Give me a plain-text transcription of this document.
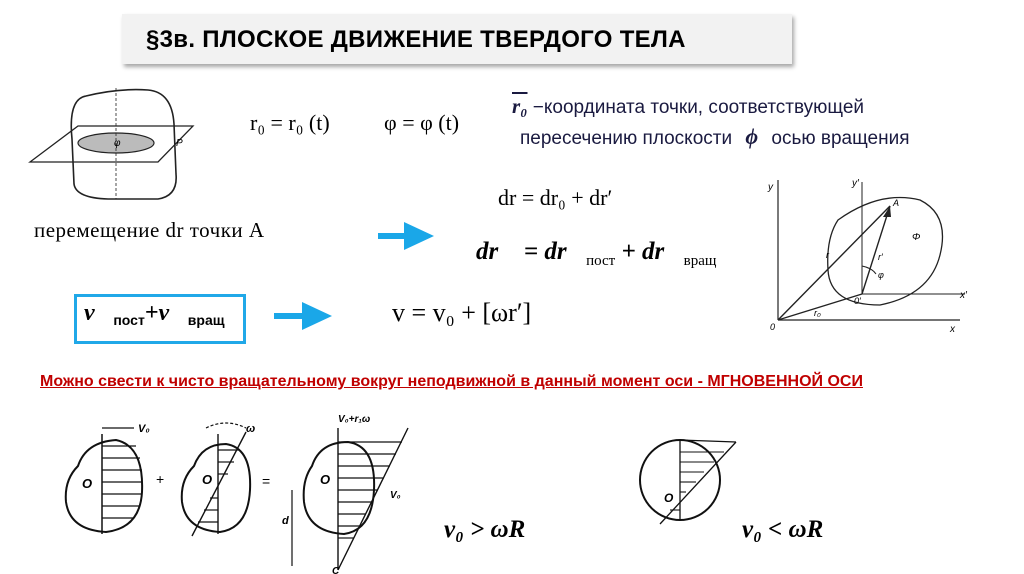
§3в. ПЛОСКОЕ ДВИЖЕНИЕ ТВЕРДОГО ТЕЛА
φ	P
r₀ = r₀ (t) φ = φ (t)
r₀ −координата точки, соответствующей
пересечению плоскости ϕ осью вращения
dr = dr₀ + dr′
перемещение dr точки A
dr⃗ = $dr⃗_{пост}$ + $dr⃗_{вращ}$
$v⃗_{пост}+v⃗_{вращ}$	v = v₀ + [ωr′]
y	y′
x
x′
A
r	r′
r₀
Φ
0
0′
φ
Можно свести к чисто вращательному вокруг неподвижной в данный момент оси - МГНОВЕННОЙ ОСИ
O
V₀
+
ω
O	=
V₀+r₁ω
O
V₀
d
C
O
v₀ > ωR	v₀ < ωR
